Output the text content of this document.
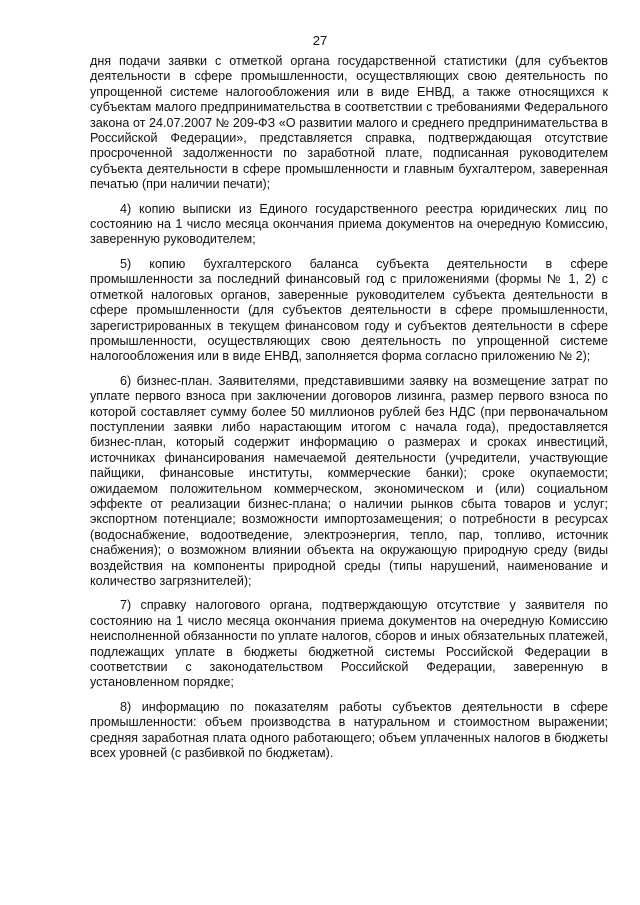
27

дня подачи заявки с отметкой органа государственной статистики (для субъектов деятельности в сфере промышленности, осуществляющих свою деятельность по упрощенной системе налогообложения или в виде ЕНВД, а также относящихся к субъектам малого предпринимательства в соответствии с требованиями Федерального закона от 24.07.2007 № 209-ФЗ «О развитии малого и среднего предпринимательства в Российской Федерации», представляется справка, подтверждающая отсутствие просроченной задолженности по заработной плате, подписанная руководителем субъекта деятельности в сфере промышленности и главным бухгалтером, заверенная печатью (при наличии печати);

4) копию выписки из Единого государственного реестра юридических лиц по состоянию на 1 число месяца окончания приема документов на очередную Комиссию, заверенную руководителем;

5) копию бухгалтерского баланса субъекта деятельности в сфере промышленности за последний финансовый год с приложениями (формы № 1, 2) с отметкой налоговых органов, заверенные руководителем субъекта деятельности в сфере промышленности (для субъектов деятельности в сфере промышленности, зарегистрированных в текущем финансовом году и субъектов деятельности в сфере промышленности, осуществляющих свою деятельность по упрощенной системе налогообложения или в виде ЕНВД, заполняется форма согласно приложению № 2);

6) бизнес-план. Заявителями, представившими заявку на возмещение затрат по уплате первого взноса при заключении договоров лизинга, размер первого взноса по которой составляет сумму более 50 миллионов рублей без НДС (при первоначальном поступлении заявки либо нарастающим итогом с начала года), предоставляется бизнес-план, который содержит информацию о размерах и сроках инвестиций, источниках финансирования намечаемой деятельности (учредители, участвующие пайщики, финансовые институты, коммерческие банки); сроке окупаемости; ожидаемом положительном коммерческом, экономическом и (или) социальном эффекте от реализации бизнес-плана; о наличии рынков сбыта товаров и услуг; экспортном потенциале; возможности импортозамещения; о потребности в ресурсах (водоснабжение, водоотведение, электроэнергия, тепло, пар, топливо, источник снабжения); о возможном влиянии объекта на окружающую природную среду (виды воздействия на компоненты природной среды (типы нарушений, наименование и количество загрязнителей);

7) справку налогового органа, подтверждающую отсутствие у заявителя по состоянию на 1 число месяца окончания приема документов на очередную Комиссию неисполненной обязанности по уплате налогов, сборов и иных обязательных платежей, подлежащих уплате в бюджеты бюджетной системы Российской Федерации в соответствии с законодательством Российской Федерации, заверенную в установленном порядке;

8) информацию по показателям работы субъектов деятельности в сфере промышленности: объем производства в натуральном и стоимостном выражении; средняя заработная плата одного работающего; объем уплаченных налогов в бюджеты всех уровней (с разбивкой по бюджетам).
